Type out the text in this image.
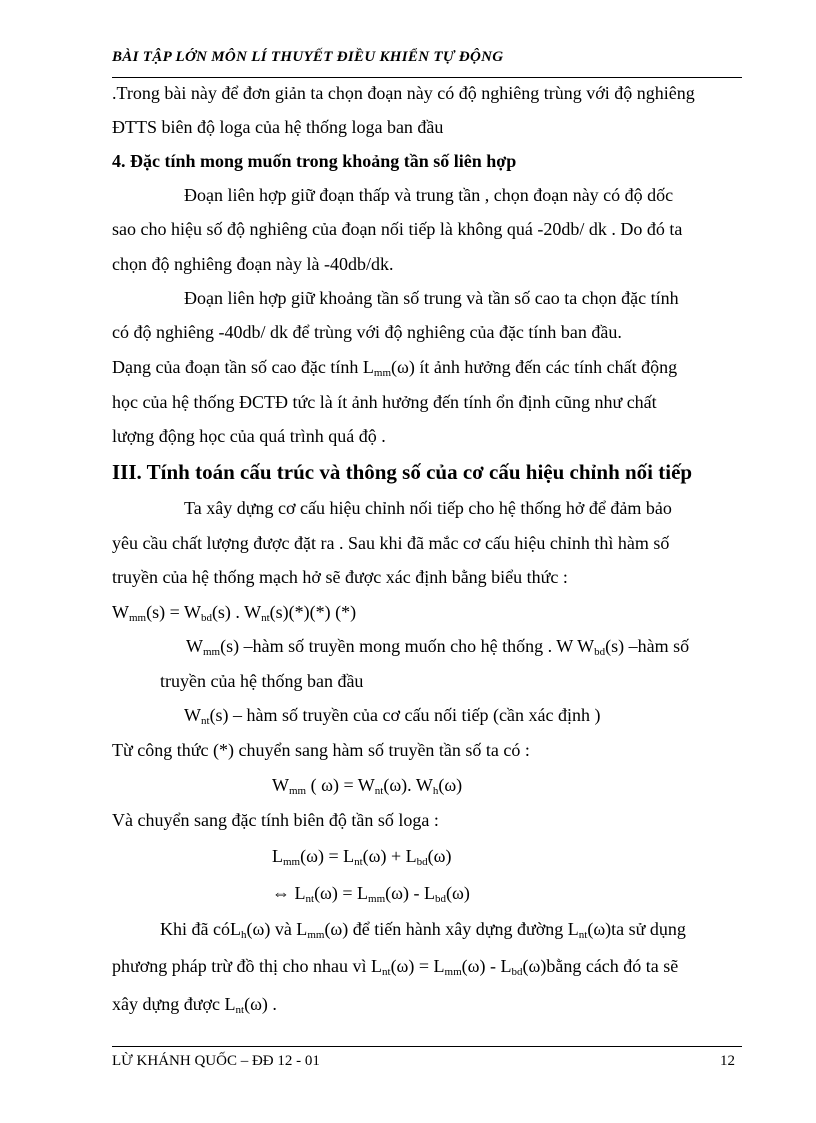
BÀI TẬP LỚN MÔN LÍ THUYẾT ĐIỀU KHIỂN TỰ ĐỘNG
.Trong bài này để đơn giản ta chọn đoạn này có độ nghiêng trùng với độ nghiêng
ĐTTS biên độ loga của hệ thống loga ban đầu
4. Đặc tính mong muốn trong khoảng tần số liên hợp
Đoạn liên hợp giữ đoạn thấp và trung tần , chọn đoạn này có độ dốc
sao cho hiệu số độ nghiêng của đoạn nối tiếp là không quá -20db/ dk . Do đó ta
chọn độ nghiêng đoạn này là -40db/dk.
Đoạn liên hợp giữ khoảng tần số trung và tần số cao ta chọn đặc tính
có độ nghiêng -40db/ dk để trùng với độ nghiêng của đặc tính ban đầu.
Dạng của đoạn tần số cao đặc tính $L_{mm}(\omega)$ ít ảnh hưởng đến các tính chất động
học của hệ thống ĐCTĐ tức là ít ảnh hưởng đến tính ổn định cũng như chất
lượng động học của quá trình quá độ .
III. Tính toán cấu trúc và thông số của cơ cấu hiệu chỉnh nối tiếp
Ta xây dựng cơ cấu hiệu chỉnh nối tiếp cho hệ thống hở để đảm bảo
yêu cầu chất lượng được đặt ra . Sau khi đã mắc cơ cấu hiệu chỉnh thì hàm số
truyền của hệ thống mạch hở sẽ được xác định bằng biểu thức :
$W_{mm}(s) = W_{bd}(s)$ . $W_{nt}(s)(*)(*)$ (*)
$W_{mm}(s)$ –hàm số truyền mong muốn cho hệ thống . W $W_{bd}(s)$ –hàm số
truyền của hệ thống ban đầu
$W_{nt}(s)$ – hàm số truyền của cơ cấu nối tiếp (cần xác định )
Từ công thức (*) chuyển sang hàm số truyền tần số ta có :
$W_{mm}$ ( $\omega) = W_{nt}(\omega)$. $W_h(\omega)$
Và chuyển sang đặc tính biên độ tần số loga :
$L_{mm}(\omega) = L_{nt}(\omega) + L_{bd}(\omega)$
⇔ $L_{nt}(\omega) = L_{mm}(\omega) - L_{bd}(\omega)$
Khi đã cóL$_h$(ω) và $L_{mm}(\omega)$ để tiến hành xây dựng đường $L_{nt}(\omega)ta$ sử dụng
phương pháp trừ đồ thị cho nhau vì $L_{nt}(\omega) = L_{mm}(\omega)$ - $L_{bd}(\omega)bằng$ cách đó ta sẽ
xây dựng được $L_{nt}(\omega)$ .
LỪ KHÁNH QUỐC – ĐĐ 12 - 01	12
